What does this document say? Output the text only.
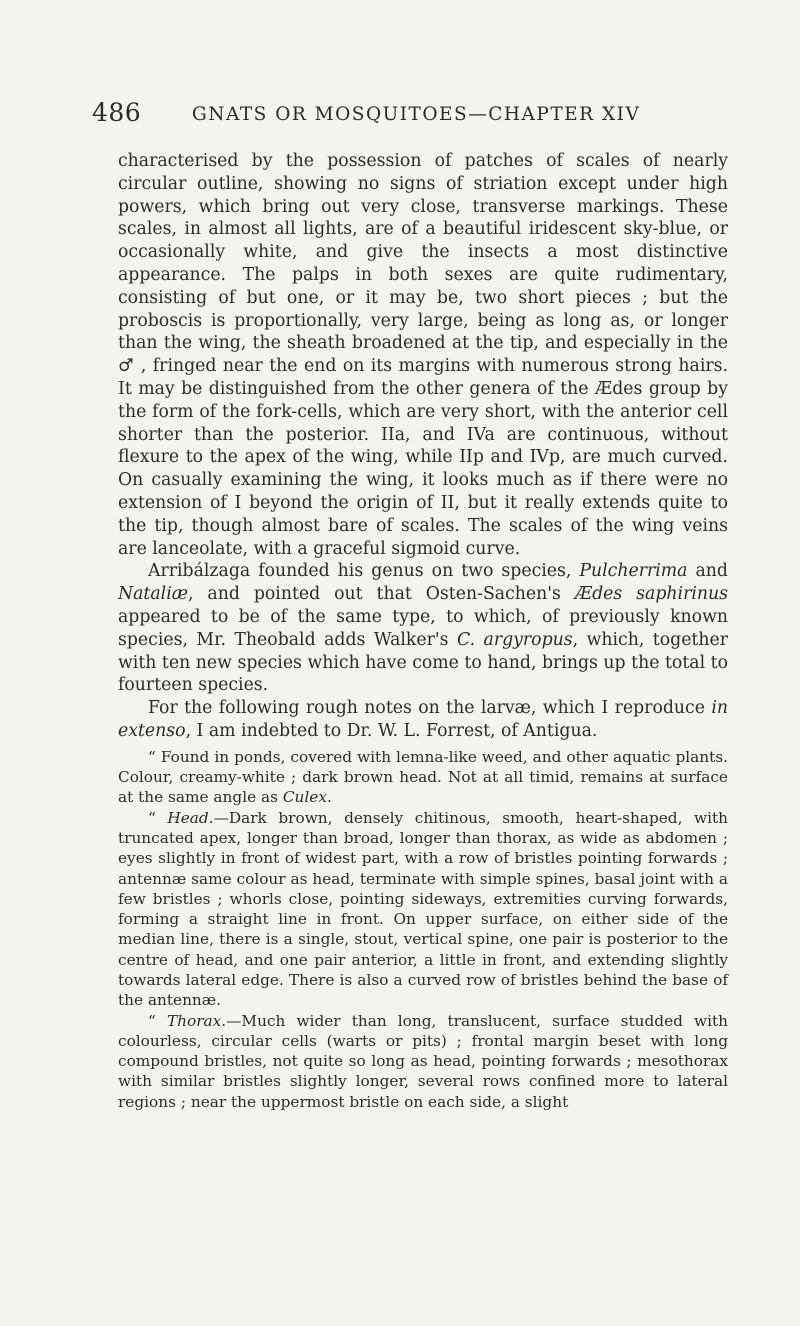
486	GNATS OR MOSQUITOES—CHAPTER XIV

characterised by the possession of patches of scales of nearly circular outline, showing no signs of striation except under high powers, which bring out very close, transverse markings. These scales, in almost all lights, are of a beautiful iridescent sky-blue, or occasionally white, and give the insects a most distinctive appearance. The palps in both sexes are quite rudimentary, consisting of but one, or it may be, two short pieces ; but the proboscis is proportionally, very large, being as long as, or longer than the wing, the sheath broadened at the tip, and especially in the ♂ , fringed near the end on its margins with numerous strong hairs. It may be distinguished from the other genera of the Ædes group by the form of the fork-cells, which are very short, with the anterior cell shorter than the posterior. IIa, and IVa are continuous, without flexure to the apex of the wing, while IIp and IVp, are much curved. On casually examining the wing, it looks much as if there were no extension of I beyond the origin of II, but it really extends quite to the tip, though almost bare of scales. The scales of the wing veins are lanceolate, with a graceful sigmoid curve.

Arribálzaga founded his genus on two species, Pulcherrima and Nataliæ, and pointed out that Osten-Sachen's Ædes saphirinus appeared to be of the same type, to which, of previously known species, Mr. Theobald adds Walker's C. argyropus, which, together with ten new species which have come to hand, brings up the total to fourteen species.

For the following rough notes on the larvæ, which I reproduce in extenso, I am indebted to Dr. W. L. Forrest, of Antigua.

“ Found in ponds, covered with lemna-like weed, and other aquatic plants. Colour, creamy-white ; dark brown head. Not at all timid, remains at surface at the same angle as Culex.

“ Head.—Dark brown, densely chitinous, smooth, heart-shaped, with truncated apex, longer than broad, longer than thorax, as wide as abdomen ; eyes slightly in front of widest part, with a row of bristles pointing forwards ; antennæ same colour as head, terminate with simple spines, basal joint with a few bristles ; whorls close, pointing sideways, extremities curving forwards, forming a straight line in front. On upper surface, on either side of the median line, there is a single, stout, vertical spine, one pair is posterior to the centre of head, and one pair anterior, a little in front, and extending slightly towards lateral edge. There is also a curved row of bristles behind the base of the antennæ.

“ Thorax.—Much wider than long, translucent, surface studded with colourless, circular cells (warts or pits) ; frontal margin beset with long compound bristles, not quite so long as head, pointing forwards ; mesothorax with similar bristles slightly longer, several rows confined more to lateral regions ; near the uppermost bristle on each side, a slight
